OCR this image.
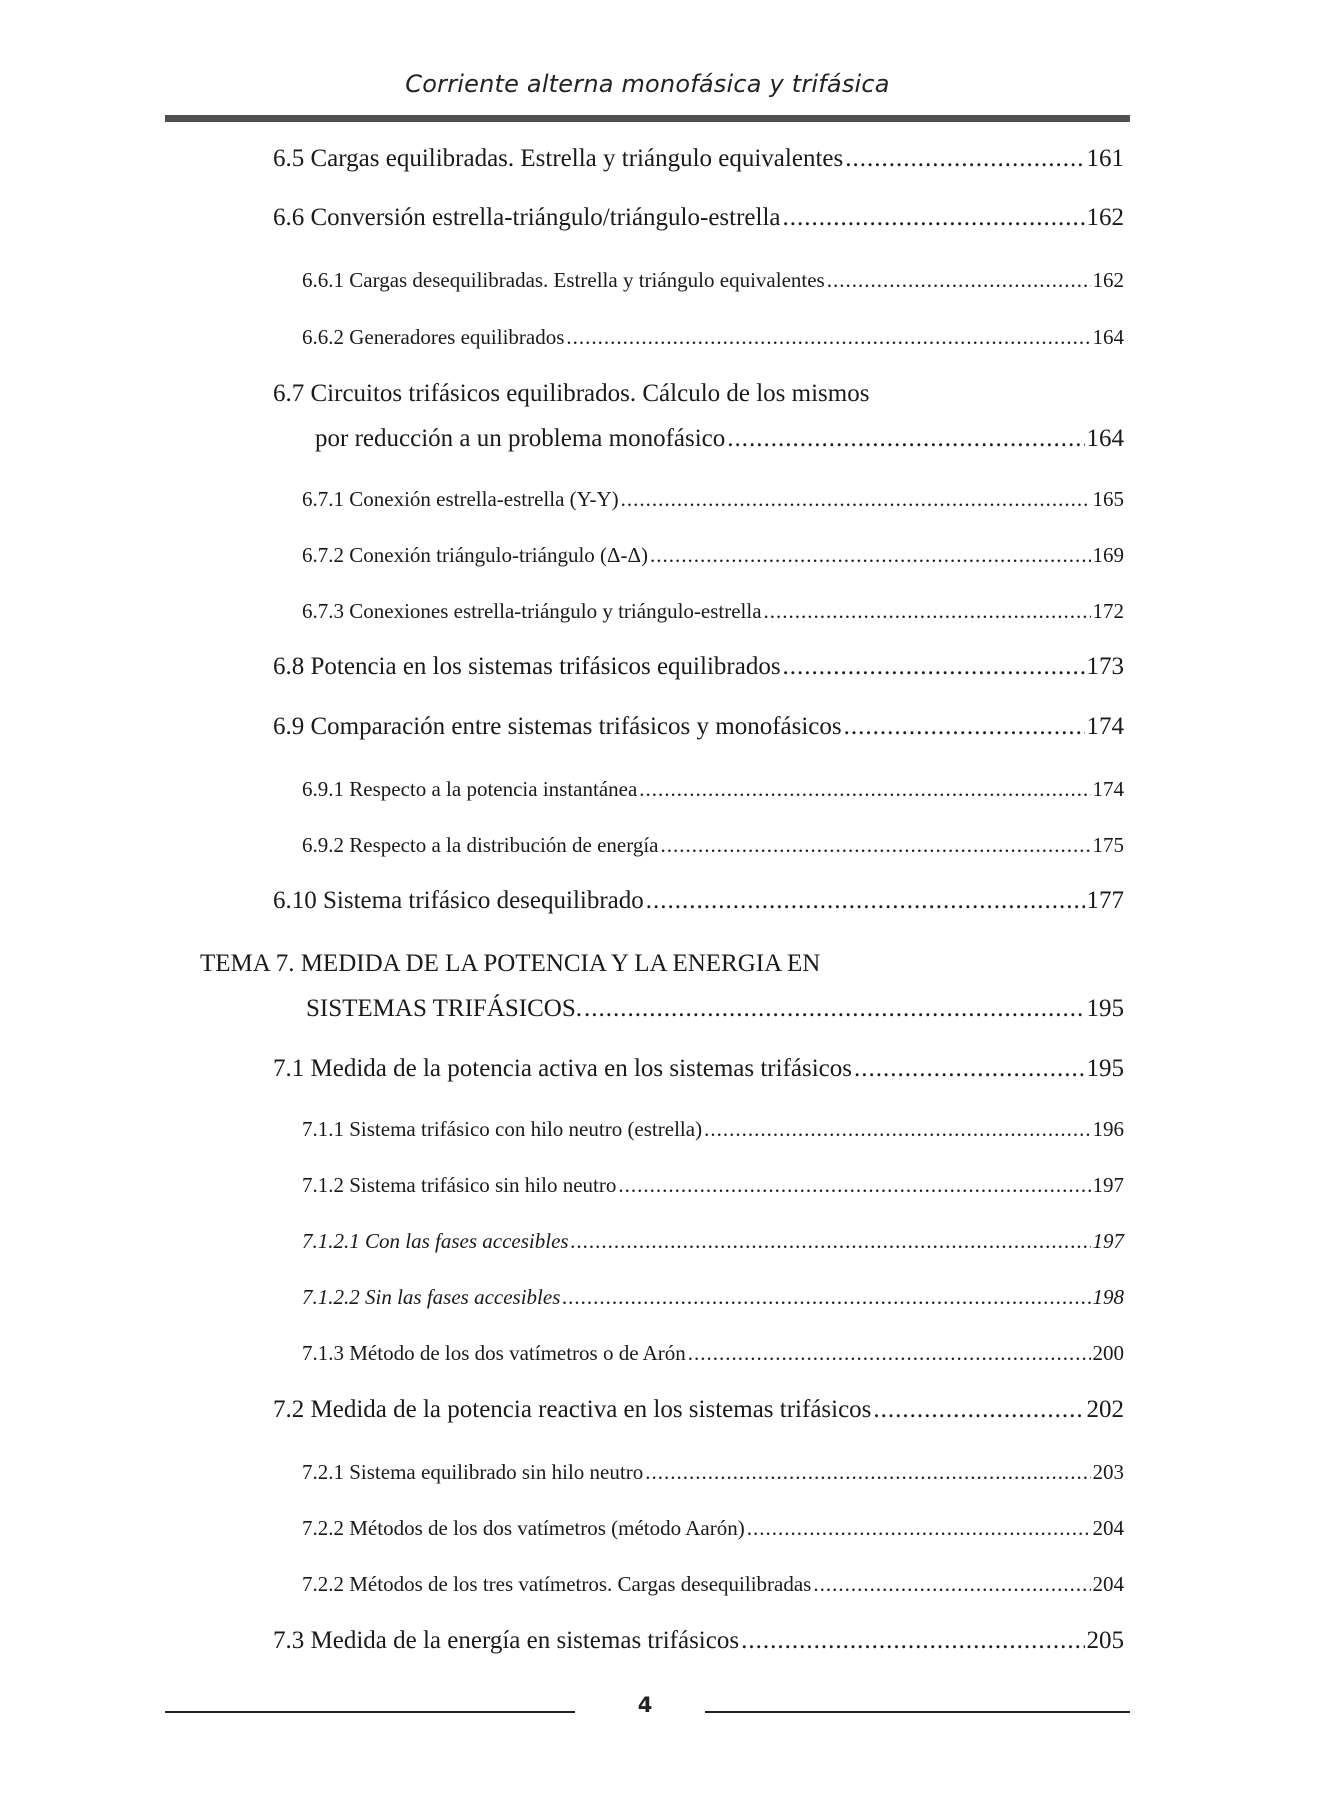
Corriente alterna monofásica y trifásica
6.5 Cargas equilibradas. Estrella y triángulo equivalentes .....	161
6.6 Conversión estrella-triángulo/triángulo-estrella .....	162
6.6.1 Cargas desequilibradas. Estrella y triángulo equivalentes .....	162
6.6.2 Generadores equilibrados .....	164
6.7 Circuitos trifásicos equilibrados. Cálculo de los mismos
por reducción a un problema monofásico .....	164
6.7.1 Conexión estrella-estrella (Y-Y) .....	165
6.7.2 Conexión triángulo-triángulo (Δ-Δ) .....	169
6.7.3 Conexiones estrella-triángulo y triángulo-estrella .....	172
6.8 Potencia en los sistemas trifásicos equilibrados .....	173
6.9 Comparación entre sistemas trifásicos y monofásicos .....	174
6.9.1 Respecto a la potencia instantánea .....	174
6.9.2 Respecto a la distribución de energía .....	175
6.10 Sistema trifásico desequilibrado .....	177
TEMA 7. MEDIDA DE LA POTENCIA Y LA ENERGIA EN
SISTEMAS TRIFÁSICOS. .....	195
7.1 Medida de la potencia activa en los sistemas trifásicos .....	195
7.1.1 Sistema trifásico con hilo neutro (estrella) .....	196
7.1.2 Sistema trifásico sin hilo neutro .....	197
7.1.2.1 Con las fases accesibles .....	197
7.1.2.2 Sin las fases accesibles .....	198
7.1.3 Método de los dos vatímetros o de Arón .....	200
7.2 Medida de la potencia reactiva en los sistemas trifásicos .....	202
7.2.1 Sistema equilibrado sin hilo neutro .....	203
7.2.2 Métodos de los dos vatímetros (método Aarón) .....	204
7.2.2 Métodos de los tres vatímetros. Cargas desequilibradas .....	204
7.3 Medida de la energía en sistemas trifásicos .....	205
4
